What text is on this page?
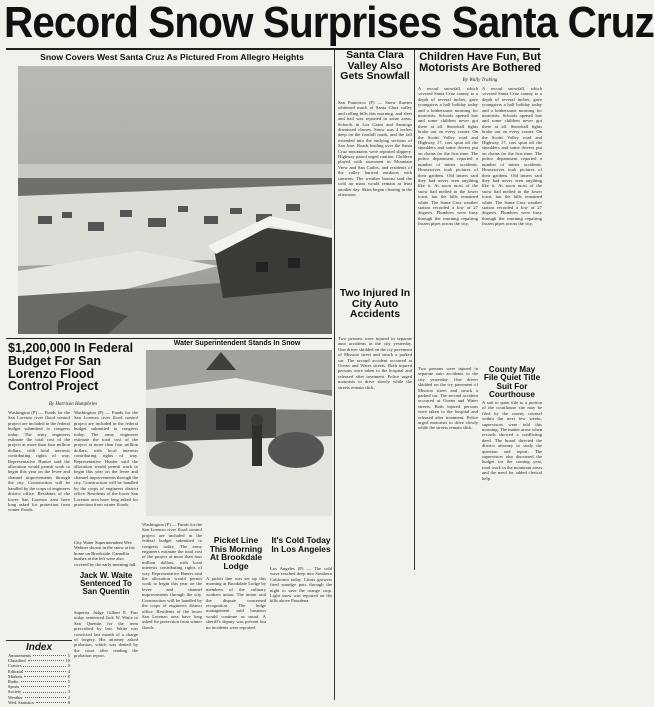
Record Snow Surprises Santa Cruz
Snow Covers West Santa Cruz As Pictured From Allegro Heights	Santa Clara Valley Also Gets Snowfall
San Francisco (P) — Snow flurries whitened much of Santa Clara valley and rolling hills this morning, and sleet and hail was reported in some areas. Schools in Los Gatos and Saratoga dismissed classes. Snow was 4 inches deep on the foothill roads, and the fall extended into the outlying sections of San Jose. Roads leading over the Santa Cruz mountains were reported slippery. Highway patrol urged caution. Children played with snowmen in Mountain View and San Carlos, and residents of the valley hurried outdoors with cameras. The weather bureau said the cold air mass would remain at least another day. Skies began clearing in the afternoon.
Children Have Fun, But Motorists Are Bothered
By Wally Trabing
A record snowfall, which covered Santa Cruz county to a depth of several inches, gave youngsters a half holiday today and a bothersome morning for motorists. Schools opened late and some children never got there at all. Snowball fights broke out on every corner. On the Scotts Valley road and Highway 17, cars spun off the shoulders and some drivers put on chains for the first time. The police department reported a number of minor accidents. Housewives took pictures of their gardens. Old timers said they had never seen anything like it. At noon most of the snow had melted in the lower town, but the hills remained white. The Santa Cruz weather station recorded a low of 27 degrees. Plumbers were busy through the morning repairing frozen pipes across the city.
A record snowfall, which covered Santa Cruz county to a depth of several inches, gave youngsters a half holiday today and a bothersome morning for motorists. Schools opened late and some children never got there at all. Snowball fights broke out on every corner. On the Scotts Valley road and Highway 17, cars spun off the shoulders and some drivers put on chains for the first time. The police department reported a number of minor accidents. Housewives took pictures of their gardens. Old timers said they had never seen anything like it. At noon most of the snow had melted in the lower town, but the hills remained white. The Santa Cruz weather station recorded a low of 27 degrees. Plumbers were busy through the morning repairing frozen pipes across the city.
County May File Quiet Title Suit For Courthouse
A suit to quiet title to a portion of the courthouse site may be filed by the county counsel within the next few weeks, supervisors were told this morning. The matter arose when records showed a conflicting deed. The board directed the district attorney to study the question and report. The supervisors also discussed the budget for the coming year, road work in the mountain areas and the need for added clerical help.
Two Injured In City Auto Accidents
Two persons were injured in separate auto accidents in the city yesterday. One driver skidded on the icy pavement of Mission street and struck a parked car. The second accident occurred at Ocean and Water streets. Both injured persons were taken to the hospital and released after treatment. Police urged motorists to drive slowly while the streets remain slick.
Two persons were injured in separate auto accidents in the city yesterday. One driver skidded on the icy pavement of Mission street and struck a parked car. The second accident occurred at Ocean and Water streets. Both injured persons were taken to the hospital and released after treatment. Police urged motorists to drive slowly while the streets remain slick.
$1,200,000 In Federal Budget For San Lorenzo Flood Control Project
By Harrison Humphries
Washington (P) — Funds for the San Lorenzo river flood control project are included in the federal budget submitted to congress today. The army engineers estimate the total cost of the project at more than four million dollars, with local interests contributing rights of way. Representative Hunter said the allocation would permit work to begin this year on the levee and channel improvements through the city. Construction will be handled by the corps of engineers district office. Residents of the lower San Lorenzo area have long asked for protection from winter floods.
Washington (P) — Funds for the San Lorenzo river flood control project are included in the federal budget submitted to congress today. The army engineers estimate the total cost of the project at more than four million dollars, with local interests contributing rights of way. Representative Hunter said the allocation would permit work to begin this year on the levee and channel improvements through the city. Construction will be handled by the corps of engineers district office. Residents of the lower San Lorenzo area have long asked for protection from winter floods.
Water Superintendent Stands In Snow
City Water Superintendent Wes Wehner shown in the snow at his home on Brookside. Camellia bushes at the left were also covered by the early morning fall.
Jack W. Waite Sentenced To San Quentin
Superior Judge Gilbert E. Farr today sentenced Jack W. Waite to San Quentin for the term prescribed by law. Waite was convicted last month of a charge of forgery. His attorney asked probation, which was denied by the court after reading the probation report.
Washington (P) — Funds for the San Lorenzo river flood control project are included in the federal budget submitted to congress today. The army engineers estimate the total cost of the project at more than four million dollars, with local interests contributing rights of way. Representative Hunter said the allocation would permit work to begin this year on the levee and channel improvements through the city. Construction will be handled by the corps of engineers district office. Residents of the lower San Lorenzo area have long asked for protection from winter floods.
Picket Line This Morning At Brookdale Lodge
A picket line was set up this morning at Brookdale Lodge by members of the culinary workers union. The union said the dispute concerned recognition. The lodge management said business would continue as usual. A sheriff's deputy was present but no incidents were reported.
It's Cold Today In Los Angeles
Los Angeles (P) — The cold wave reached deep into Southern California today. Citrus growers fired smudge pots through the night to save the orange crop. Light snow was reported on the hills above Pasadena.
Index
Amusements	5
Classified	10
Comics	9
Editorial	4
Markets	8
Radio	5
Sports	7
Society	3
Weather	2
Wed. Statistics	8
